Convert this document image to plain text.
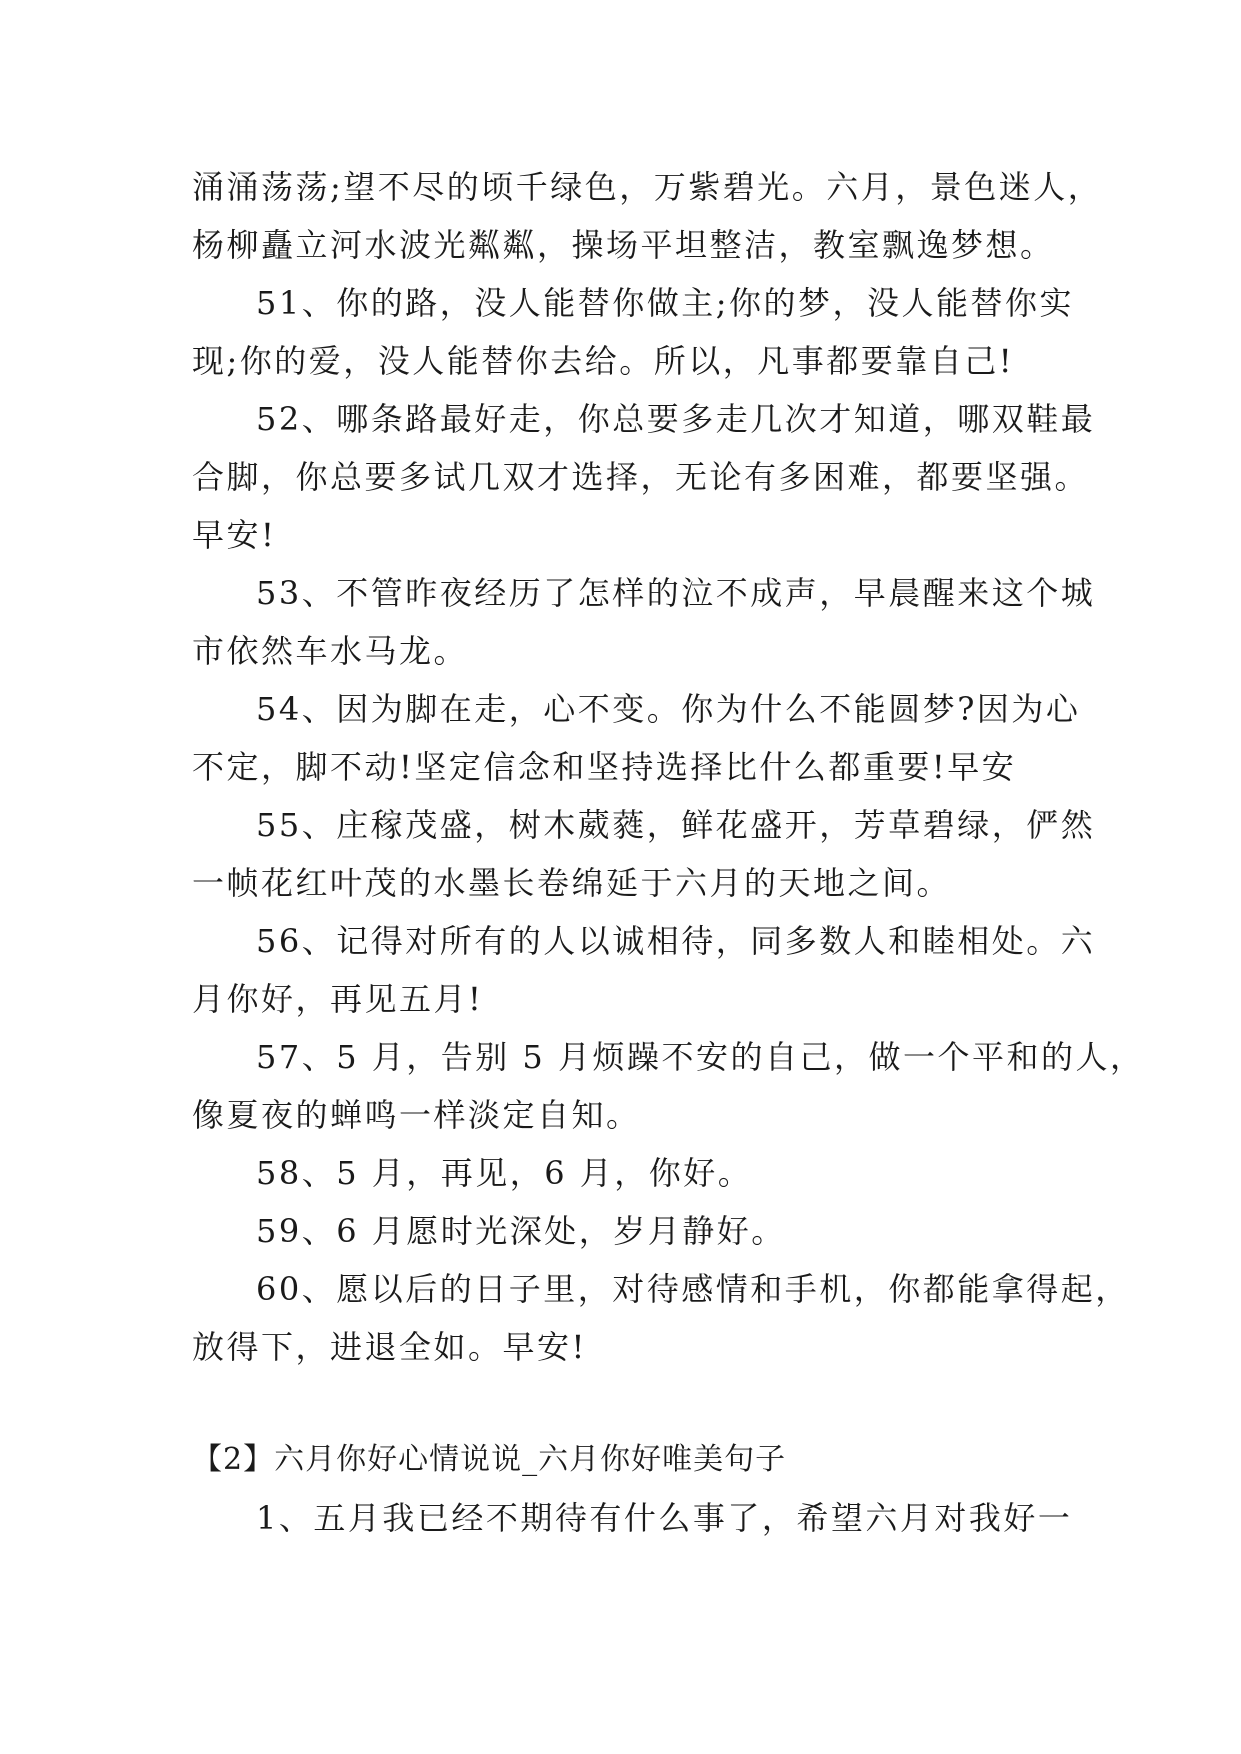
涌涌荡荡;望不尽的顷千绿色，万紫碧光。六月，景色迷人，
杨柳矗立河水波光粼粼，操场平坦整洁，教室飘逸梦想。

51、你的路，没人能替你做主;你的梦，没人能替你实
现;你的爱，没人能替你去给。所以，凡事都要靠自己!

52、哪条路最好走，你总要多走几次才知道，哪双鞋最
合脚，你总要多试几双才选择，无论有多困难，都要坚强。
早安!

53、不管昨夜经历了怎样的泣不成声，早晨醒来这个城
市依然车水马龙。

54、因为脚在走，心不变。你为什么不能圆梦?因为心
不定，脚不动!坚定信念和坚持选择比什么都重要!早安

55、庄稼茂盛，树木葳蕤，鲜花盛开，芳草碧绿，俨然
一帧花红叶茂的水墨长卷绵延于六月的天地之间。

56、记得对所有的人以诚相待，同多数人和睦相处。六
月你好，再见五月!

57、5 月，告别 5 月烦躁不安的自己，做一个平和的人，
像夏夜的蝉鸣一样淡定自知。

58、5 月，再见，6 月，你好。

59、6 月愿时光深处，岁月静好。

60、愿以后的日子里，对待感情和手机，你都能拿得起，
放得下，进退全如。早安!

【2】六月你好心情说说_六月你好唯美句子

1、五月我已经不期待有什么事了，希望六月对我好一
